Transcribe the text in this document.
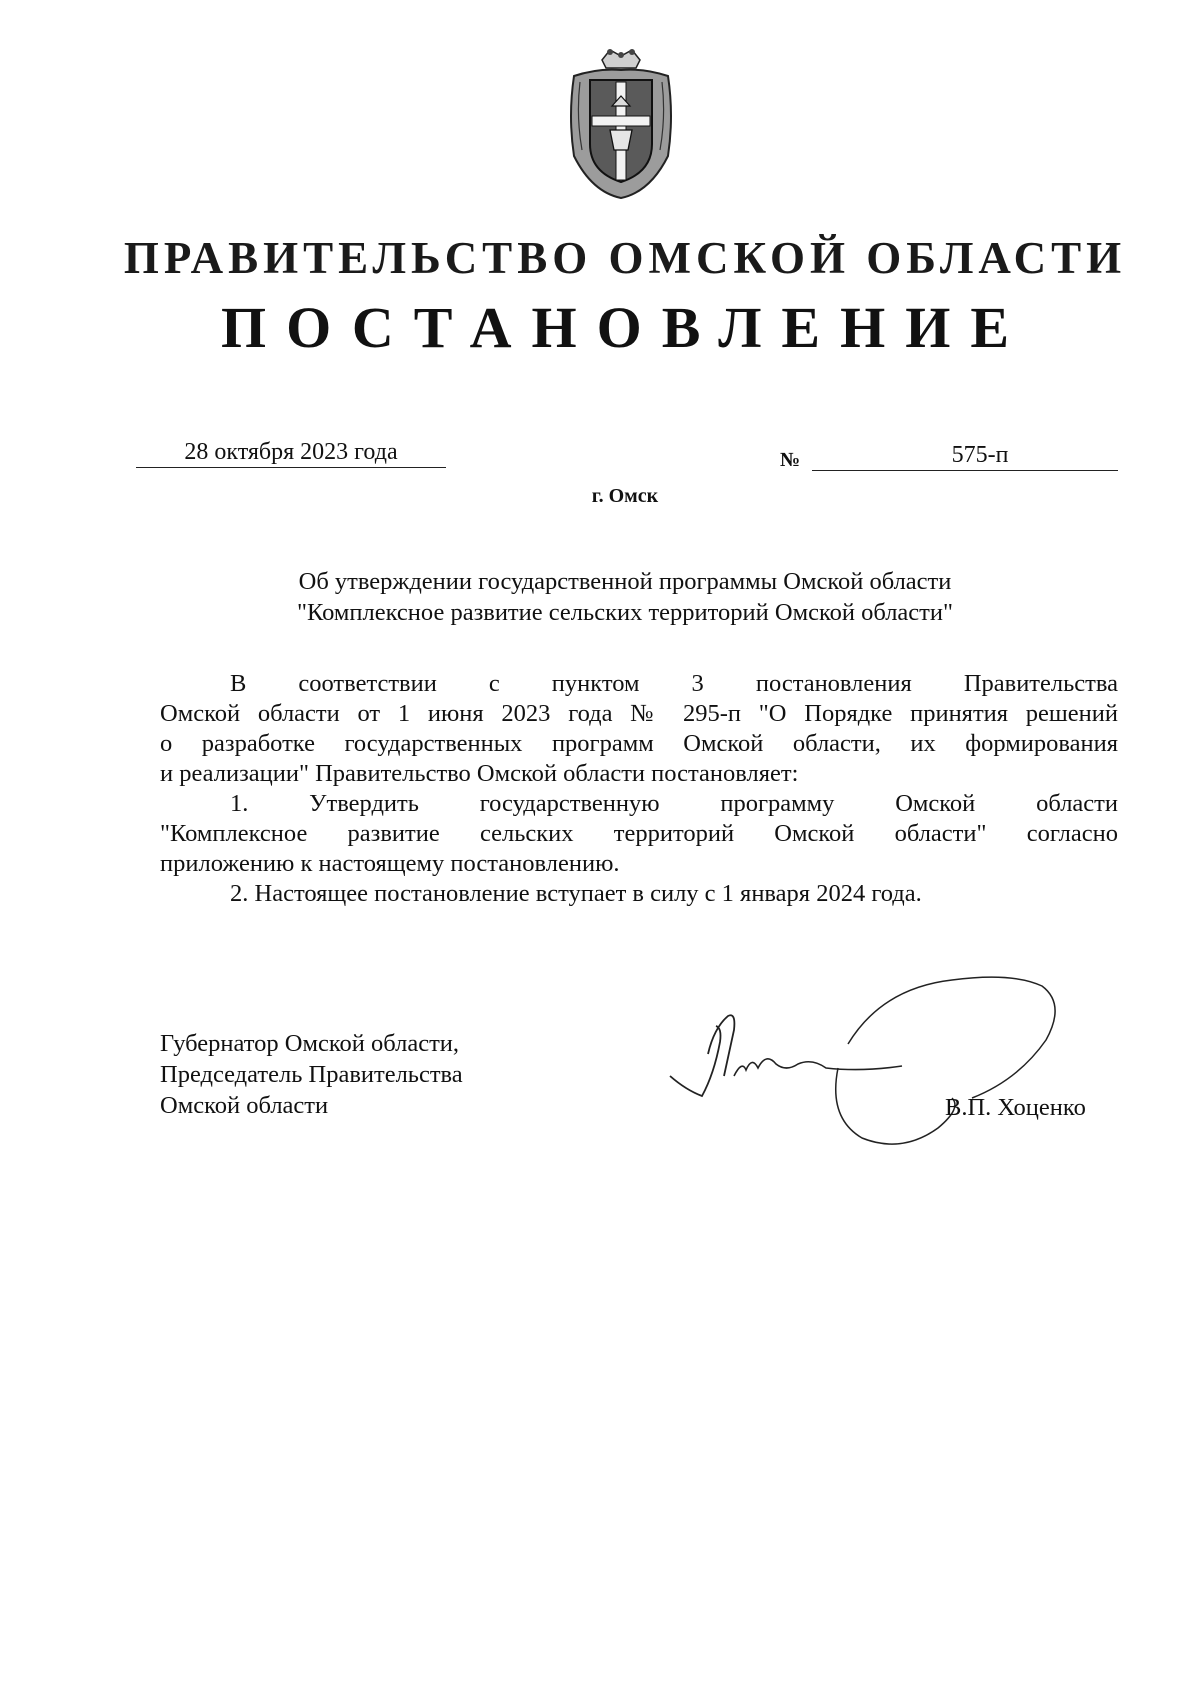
ПРАВИТЕЛЬСТВО ОМСКОЙ ОБЛАСТИ
ПОСТАНОВЛЕНИЕ
28 октября 2023 года	№	575-п
г. Омск
Об утверждении государственной программы Омской области
"Комплексное развитие сельских территорий Омской области"

В соответствии с пунктом 3 постановления Правительства
Омской области от 1 июня 2023 года № 295-п "О Порядке принятия решений
о разработке государственных программ Омской области, их формирования
и реализации" Правительство Омской области постановляет:

1. Утвердить государственную программу Омской области
"Комплексное развитие сельских территорий Омской области" согласно
приложению к настоящему постановлению.

2. Настоящее постановление вступает в силу с 1 января 2024 года.

Губернатор Омской области,
Председатель Правительства
Омской области	В.П. Хоценко
